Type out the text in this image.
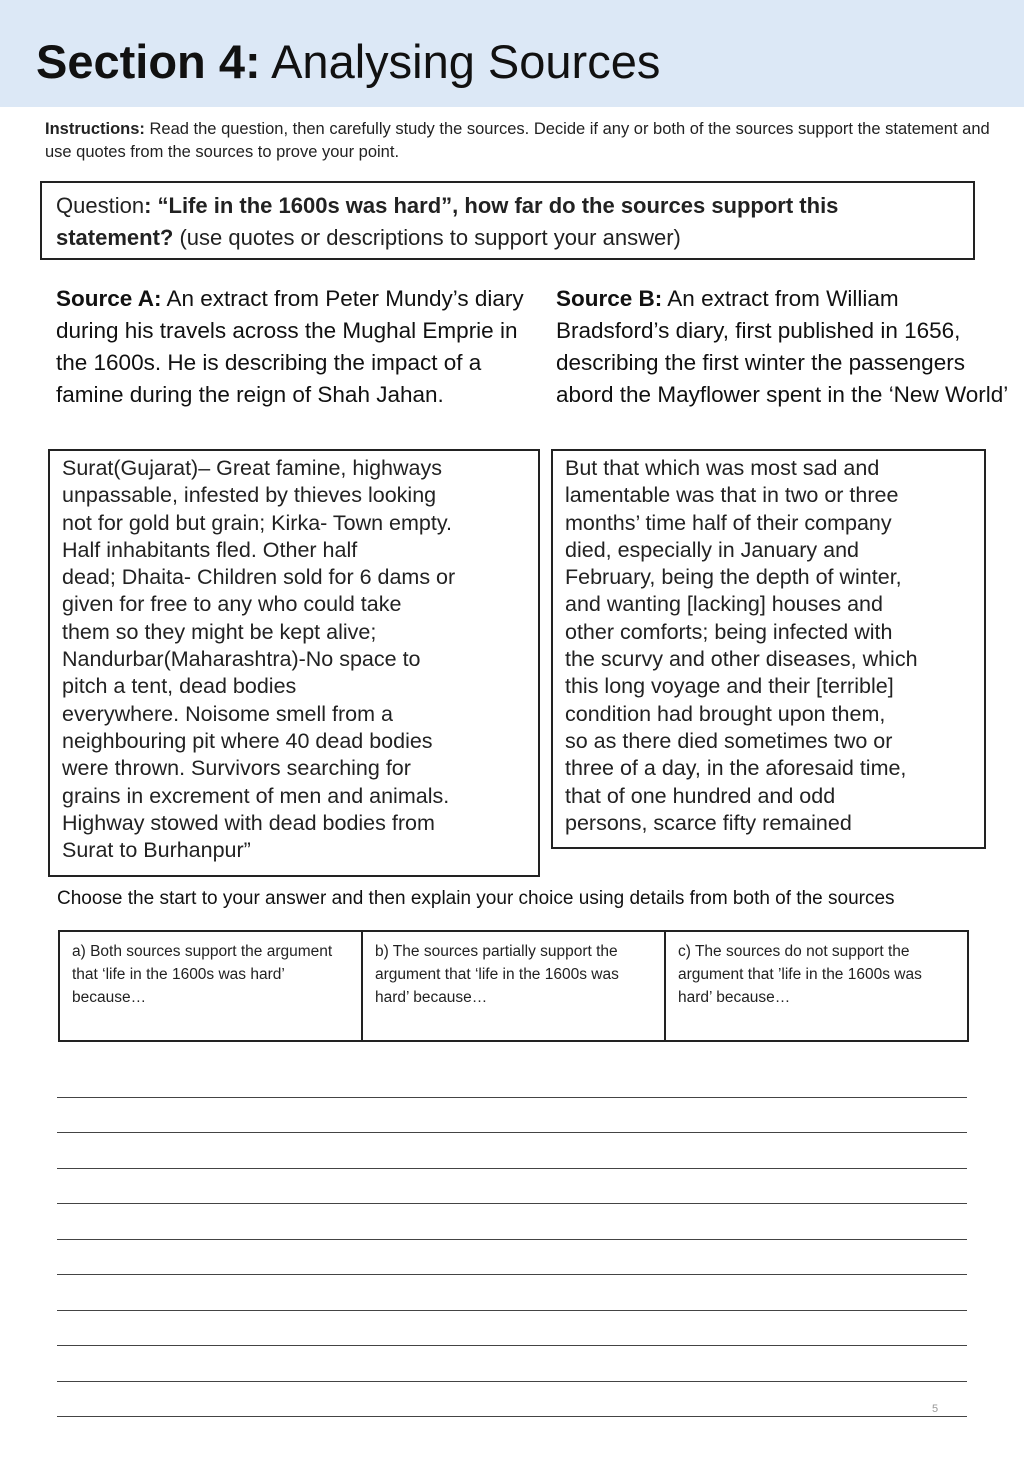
Section 4: Analysing Sources
Instructions: Read the question, then carefully study the sources. Decide if any or both of the sources support the statement and use quotes from the sources to prove your point.
Question: “Life in the 1600s was hard”, how far do the sources support this statement? (use quotes or descriptions to support your answer)
Source A: An extract from Peter Mundy’s diary during his travels across the Mughal Emprie in the 1600s. He is describing the impact of a famine during the reign of Shah Jahan.
Source B: An extract from William Bradsford’s diary, first published in 1656, describing the first winter the passengers abord the Mayflower spent in the ‘New World’
Surat(Gujarat)– Great famine, highways
unpassable, infested by thieves looking
not for gold but grain; Kirka- Town empty.
Half inhabitants fled. Other half
dead; Dhaita- Children sold for 6 dams or
given for free to any who could take
them so they might be kept alive;
Nandurbar(Maharashtra)-No space to
pitch a tent, dead bodies
everywhere. Noisome smell from a
neighbouring pit where 40 dead bodies
were thrown. Survivors searching for
grains in excrement of men and animals.
Highway stowed with dead bodies from
Surat to Burhanpur”
But that which was most sad and
lamentable was that in two or three
months’ time half of their company
died, especially in January and
February, being the depth of winter,
and wanting [lacking] houses and
other comforts; being infected with
the scurvy and other diseases, which
this long voyage and their [terrible]
condition had brought upon them,
so as there died sometimes two or
three of a day, in the aforesaid time,
that of one hundred and odd
persons, scarce fifty remained
Choose the start to your answer and then explain your choice using details from both of the sources
a) Both sources support the argument that ‘life in the 1600s was hard’ because…
b) The sources partially support the argument that ‘life in the 1600s was hard’ because…
c) The sources do not support the argument that ’life in the 1600s was hard’ because…
5
